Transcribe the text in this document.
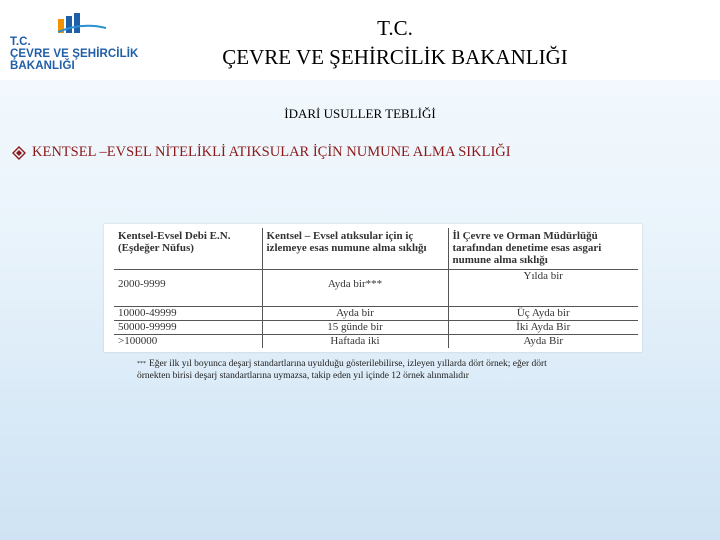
T.C.
ÇEVRE VE ŞEHİRCİLİK
BAKANLIĞI
T.C.
ÇEVRE VE ŞEHİRCİLİK BAKANLIĞI
İDARİ USULLER TEBLİĞİ
KENTSEL –EVSEL NİTELİKLİ ATIKSULAR İÇİN NUMUNE ALMA SIKLIĞI
Kentsel-Evsel Debi E.N. (Eşdeğer Nüfus)	Kentsel – Evsel atıksular için iç izlemeye esas numune alma sıklığı	İl Çevre ve Orman Müdürlüğü tarafından denetime esas asgari numune alma sıklığı
2000-9999	Ayda bir***	Yılda bir
10000-49999	Ayda bir	Üç Ayda bir
50000-99999	15 günde bir	İki Ayda Bir
>100000	Haftada iki	Ayda Bir
*** Eğer ilk yıl boyunca deşarj standartlarına uyulduğu gösterilebilirse, izleyen yıllarda dört örnek; eğer dört örnekten birisi deşarj standartlarına uymazsa, takip eden yıl içinde 12 örnek alınmalıdır
